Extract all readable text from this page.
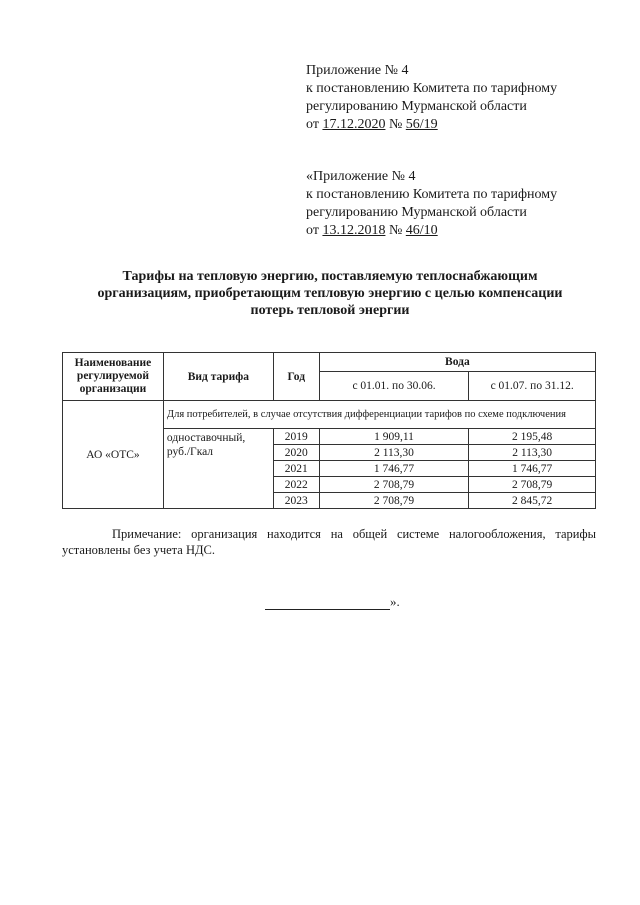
Приложение № 4
к постановлению Комитета по тарифному
регулированию Мурманской области
от 17.12.2020 № 56/19
«Приложение № 4
к постановлению Комитета по тарифному
регулированию Мурманской области
от 13.12.2018 № 46/10
Тарифы на тепловую энергию, поставляемую теплоснабжающим
организациям, приобретающим тепловую энергию с целью компенсации
потерь тепловой энергии
Наименование регулируемой организации	Вид тарифа	Год	Вода	
			с 01.01. по 30.06.	с 01.07. по 31.12.
АО «ОТС»	Для потребителей, в случае отсутствия дифференциации тарифов по схеме подключения			
	одноставочный, руб./Гкал	2019	1 909,11	2 195,48
		2020	2 113,30	2 113,30
		2021	1 746,77	1 746,77
		2022	2 708,79	2 708,79
		2023	2 708,79	2 845,72
Примечание: организация находится на общей системе налогообложения, тарифы установлены без учета НДС.
».
